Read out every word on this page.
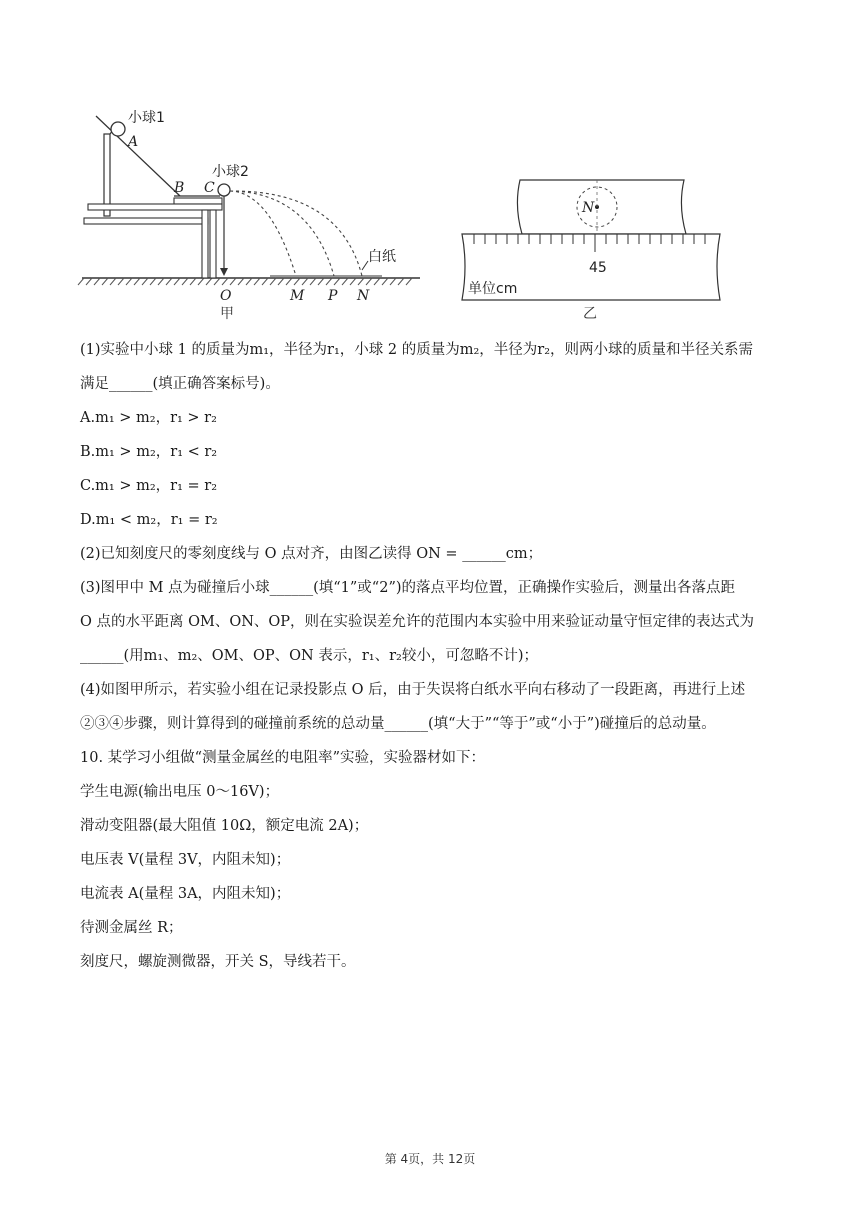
小球1
A
B C
小球2
白纸
O	M P N
甲
N
45
单位cm
乙
(1)实验中小球 1 的质量为m₁，半径为r₁，小球 2 的质量为m₂，半径为r₂，则两小球的质量和半径关系需
满足______(填正确答案标号)。
A.m₁ > m₂，r₁ > r₂
B.m₁ > m₂，r₁ < r₂
C.m₁ > m₂，r₁ = r₂
D.m₁ < m₂，r₁ = r₂
(2)已知刻度尺的零刻度线与 O 点对齐，由图乙读得 ON = ______cm；
(3)图甲中 M 点为碰撞后小球______(填“1”或“2”)的落点平均位置，正确操作实验后，测量出各落点距
O 点的水平距离 OM、ON、OP，则在实验误差允许的范围内本实验中用来验证动量守恒定律的表达式为
______(用m₁、m₂、OM、OP、ON 表示，r₁、r₂较小，可忽略不计)；
(4)如图甲所示，若实验小组在记录投影点 O 后，由于失误将白纸水平向右移动了一段距离，再进行上述
②③④步骤，则计算得到的碰撞前系统的总动量______(填“大于”“等于”或“小于”)碰撞后的总动量。
10. 某学习小组做“测量金属丝的电阻率”实验，实验器材如下：
学生电源(输出电压 0～16V)；
滑动变阻器(最大阻值 10Ω，额定电流 2A)；
电压表 V(量程 3V，内阻未知)；
电流表 A(量程 3A，内阻未知)；
待测金属丝 R；
刻度尺，螺旋测微器，开关 S，导线若干。
第 4页，共 12页
